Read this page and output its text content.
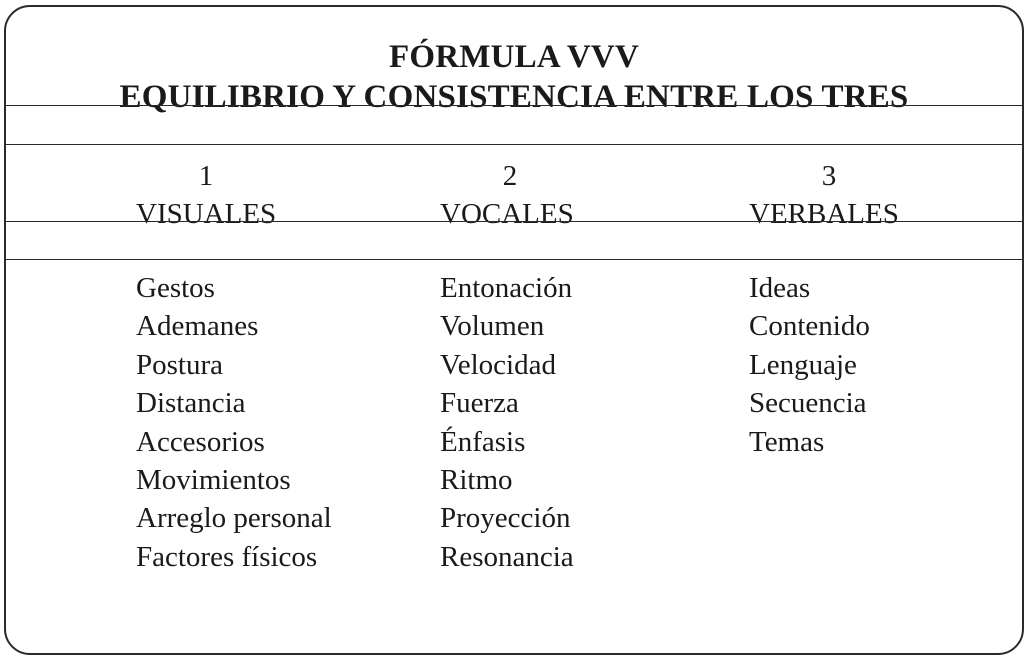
FÓRMULA VVV
EQUILIBRIO Y CONSISTENCIA ENTRE LOS TRES
1
VISUALES
2
VOCALES
3
VERBALES
Gestos
Ademanes
Postura
Distancia
Accesorios
Movimientos
Arreglo personal
Factores físicos
Entonación
Volumen
Velocidad
Fuerza
Énfasis
Ritmo
Proyección
Resonancia
Ideas
Contenido
Lenguaje
Secuencia
Temas
